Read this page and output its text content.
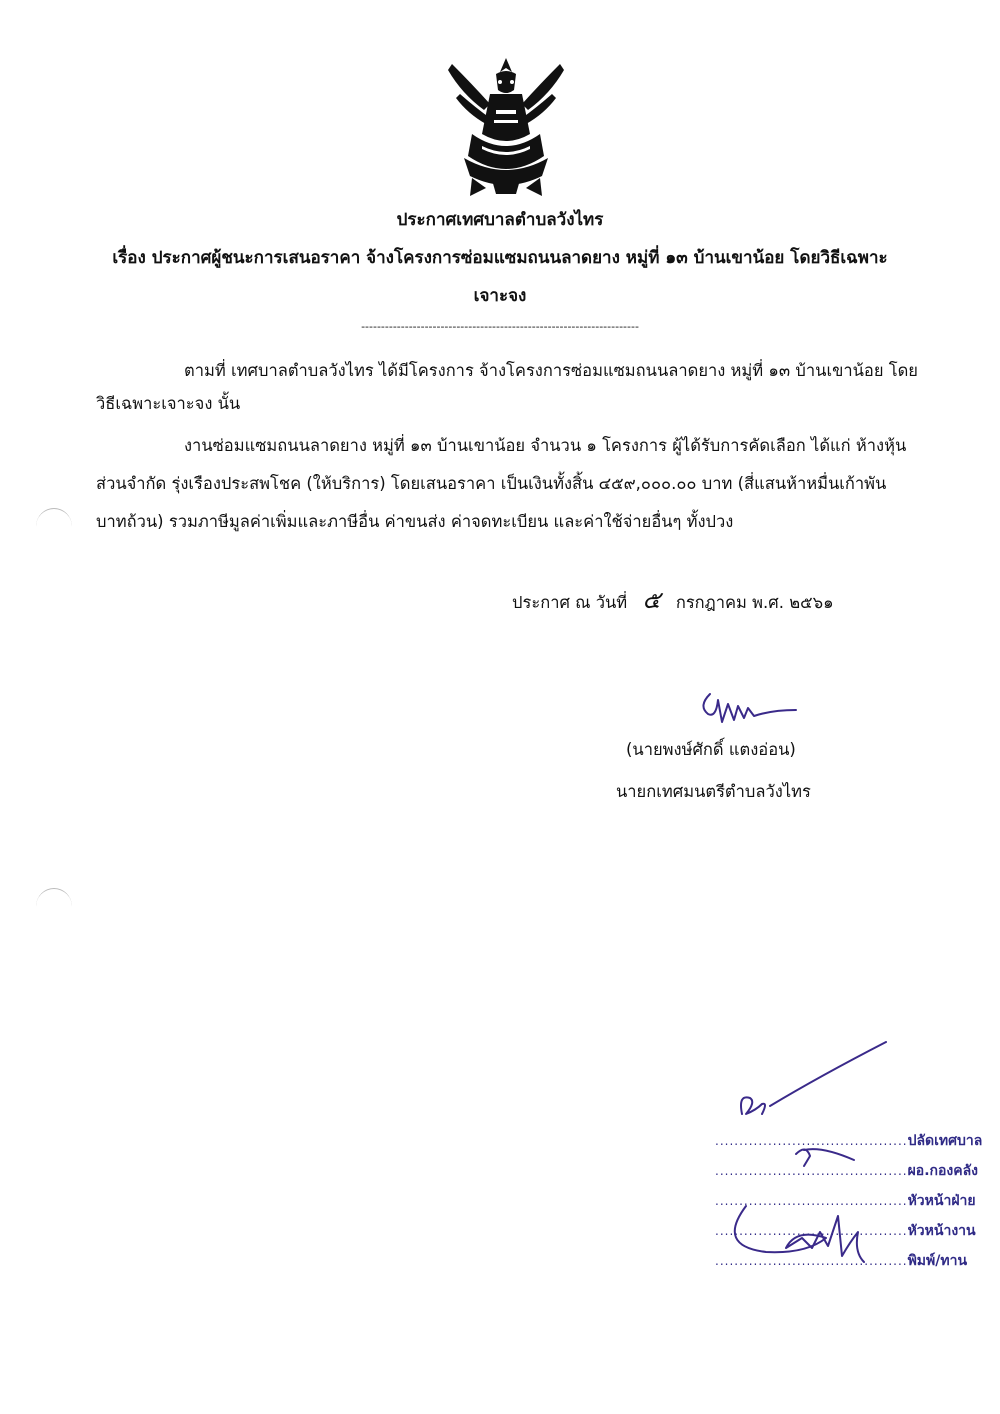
ประกาศเทศบาลตำบลวังไทร
เรื่อง ประกาศผู้ชนะการเสนอราคา จ้างโครงการซ่อมแซมถนนลาดยาง หมู่ที่ ๑๓ บ้านเขาน้อย โดยวิธีเฉพาะ
เจาะจง
----------------------------------------------------------------------
ตามที่ เทศบาลตำบลวังไทร ได้มีโครงการ จ้างโครงการซ่อมแซมถนนลาดยาง หมู่ที่ ๑๓ บ้านเขาน้อย โดย
วิธีเฉพาะเจาะจง นั้น
งานซ่อมแซมถนนลาดยาง หมู่ที่ ๑๓ บ้านเขาน้อย จำนวน ๑ โครงการ ผู้ได้รับการคัดเลือก ได้แก่ ห้างหุ้น
ส่วนจำกัด รุ่งเรืองประสพโชค (ให้บริการ) โดยเสนอราคา เป็นเงินทั้งสิ้น ๔๕๙,๐๐๐.๐๐ บาท (สี่แสนห้าหมื่นเก้าพัน
บาทถ้วน) รวมภาษีมูลค่าเพิ่มและภาษีอื่น ค่าขนส่ง ค่าจดทะเบียน และค่าใช้จ่ายอื่นๆ ทั้งปวง
ประกาศ ณ วันที่ ๕ กรกฎาคม พ.ศ. ๒๕๖๑
(นายพงษ์ศักดิ์ แตงอ่อน)
นายกเทศมนตรีตำบลวังไทร
........................................ปลัดเทศบาล
........................................ผอ.กองคลัง
........................................หัวหน้าฝ่าย
........................................หัวหน้างาน
........................................พิมพ์/ทาน
